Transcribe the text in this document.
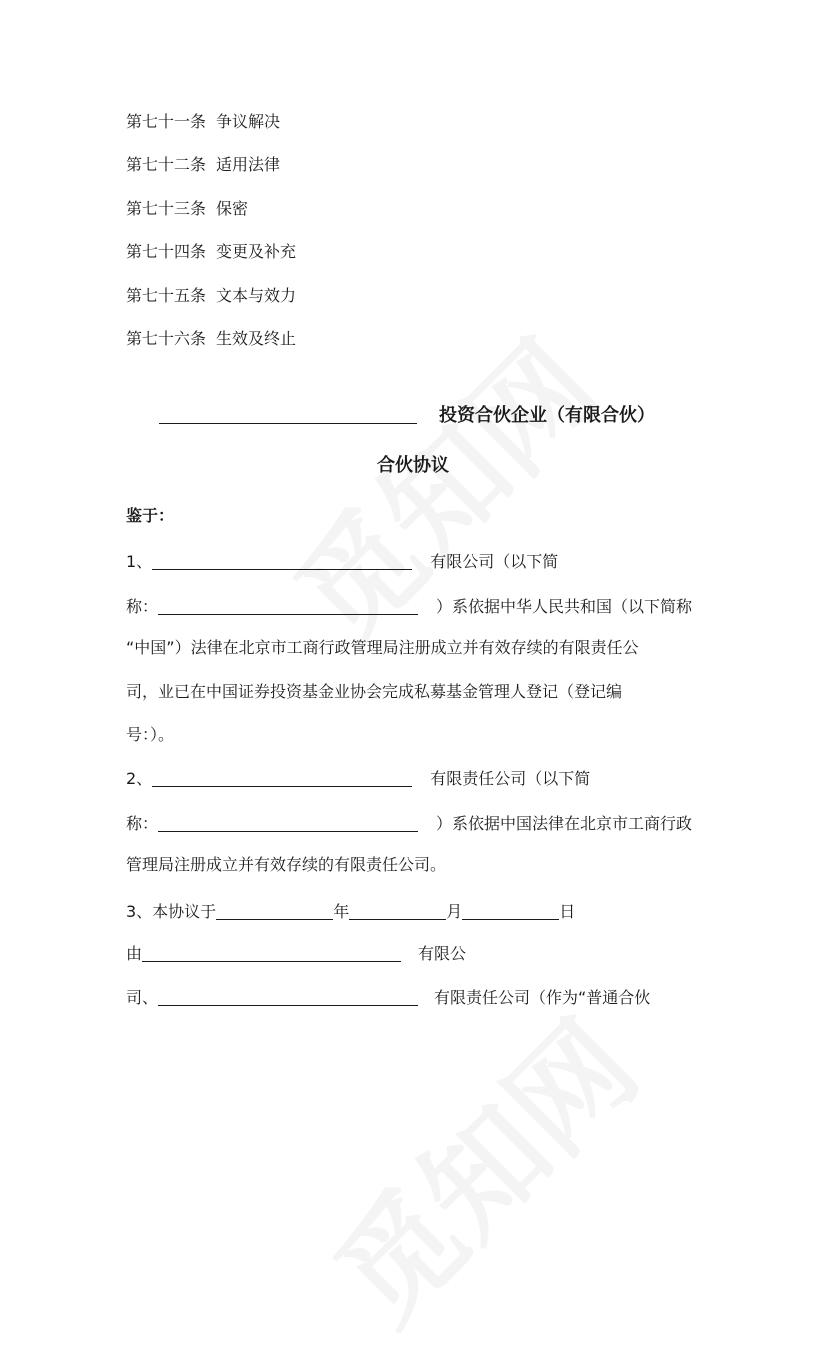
第七十一条 争议解决
第七十二条 适用法律
第七十三条 保密
第七十四条 变更及补充
第七十五条 文本与效力
第七十六条 生效及终止
投资合伙企业（有限合伙）
合伙协议
鉴于：
1、	有限公司（以下简
称：	）系依据中华人民共和国（以下简称
“中国”）法律在北京市工商行政管理局注册成立并有效存续的有限责任公
司，业已在中国证券投资基金业协会完成私募基金管理人登记（登记编
号：）。
2、	有限责任公司（以下简
称：	）系依据中国法律在北京市工商行政
管理局注册成立并有效存续的有限责任公司。
3、本协议于	年	月	日
由	有限公
司、	有限责任公司（作为“普通合伙
